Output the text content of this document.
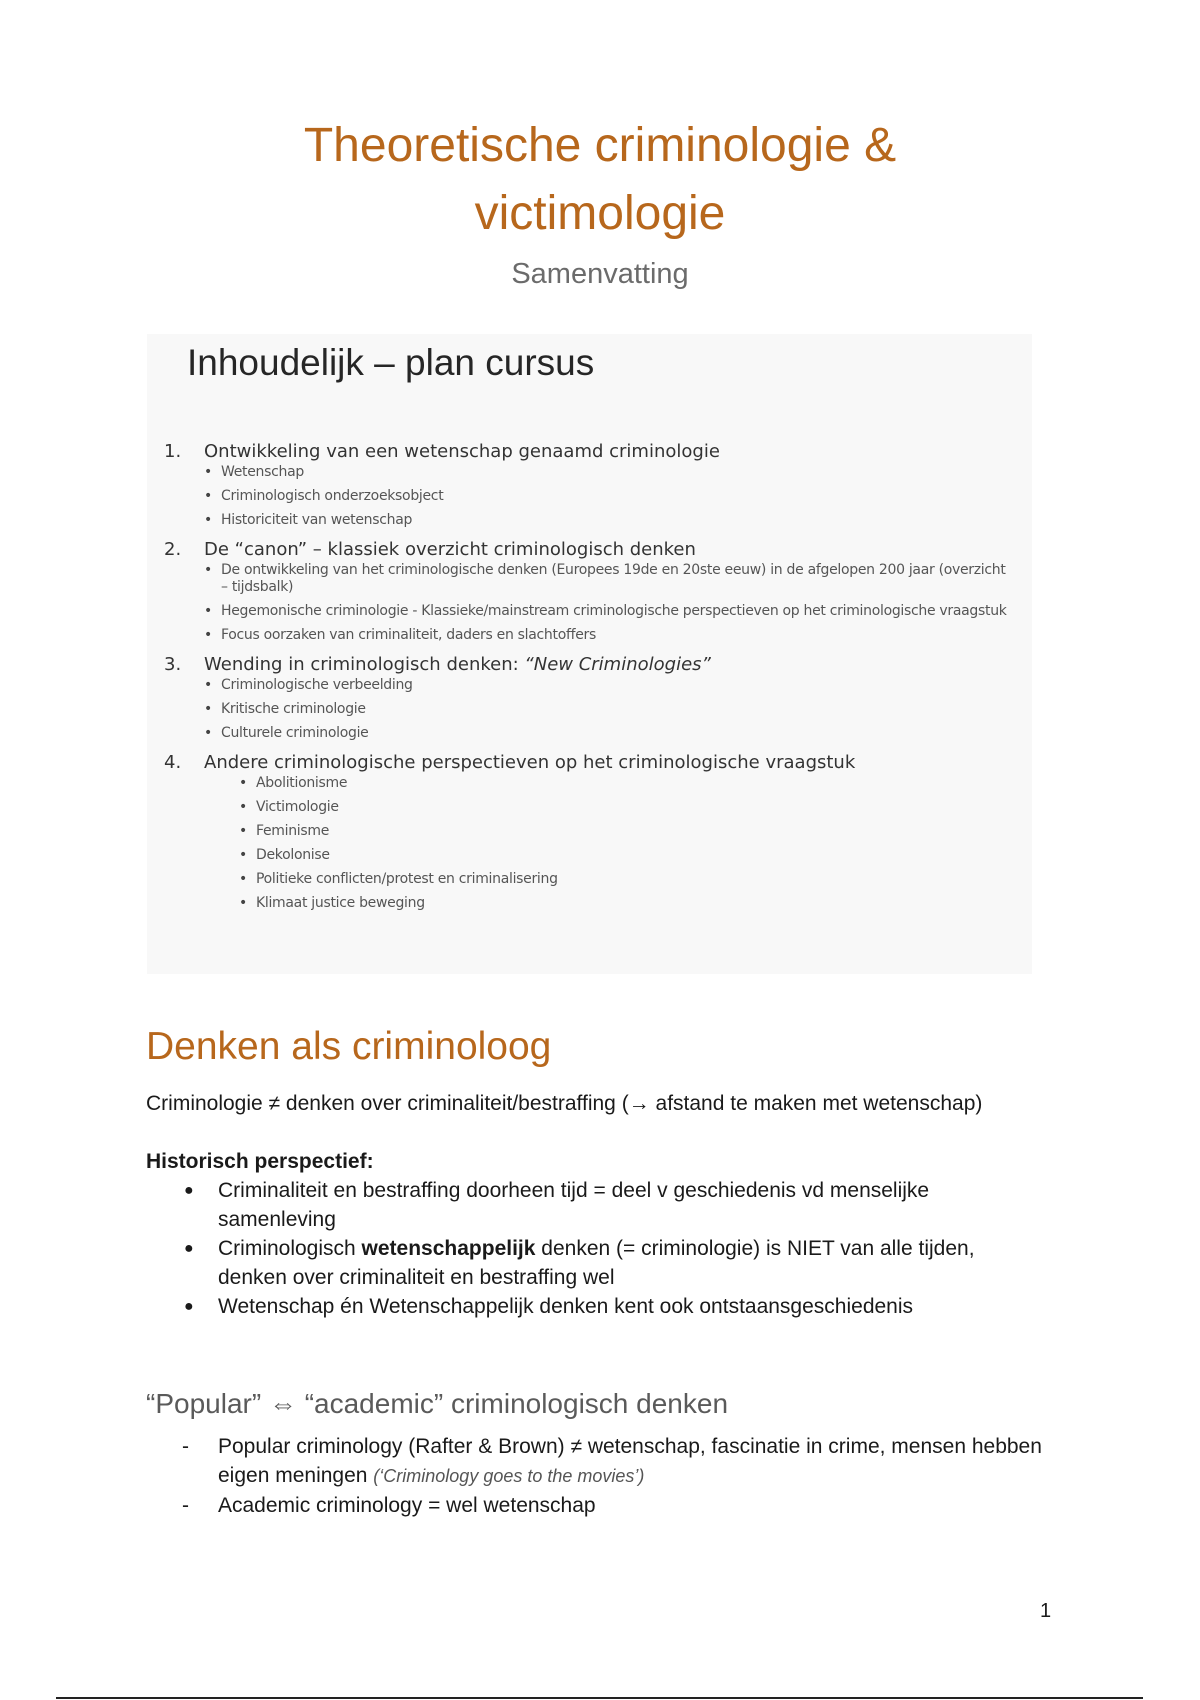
Theoretische criminologie &
victimologie
Samenvatting
Inhoudelijk – plan cursus
1.	Ontwikkeling van een wetenschap genaamd criminologie
• Wetenschap
• Criminologisch onderzoeksobject
• Historiciteit van wetenschap
2.	De “canon” – klassiek overzicht criminologisch denken
• De ontwikkeling van het criminologische denken (Europees 19de en 20ste eeuw) in de afgelopen 200 jaar (overzicht – tijdsbalk)
• Hegemonische criminologie - Klassieke/mainstream criminologische perspectieven op het criminologische vraagstuk
• Focus oorzaken van criminaliteit, daders en slachtoffers
3.	Wending in criminologisch denken: “New Criminologies”
• Criminologische verbeelding
• Kritische criminologie
• Culturele criminologie
4.	Andere criminologische perspectieven op het criminologische vraagstuk
• Abolitionisme
• Victimologie
• Feminisme
• Dekolonise
• Politieke conflicten/protest en criminalisering
• Klimaat justice beweging
Denken als criminoloog
Criminologie ≠ denken over criminaliteit/bestraffing (→ afstand te maken met wetenschap)
Historisch perspectief:
● Criminaliteit en bestraffing doorheen tijd = deel v geschiedenis vd menselijke samenleving
● Criminologisch wetenschappelijk denken (= criminologie) is NIET van alle tijden, denken over criminaliteit en bestraffing wel
● Wetenschap én Wetenschappelijk denken kent ook ontstaansgeschiedenis
“Popular” ⇔ “academic” criminologisch denken
- Popular criminology (Rafter & Brown) ≠ wetenschap, fascinatie in crime, mensen hebben eigen meningen (‘Criminology goes to the movies’)
- Academic criminology = wel wetenschap
1
